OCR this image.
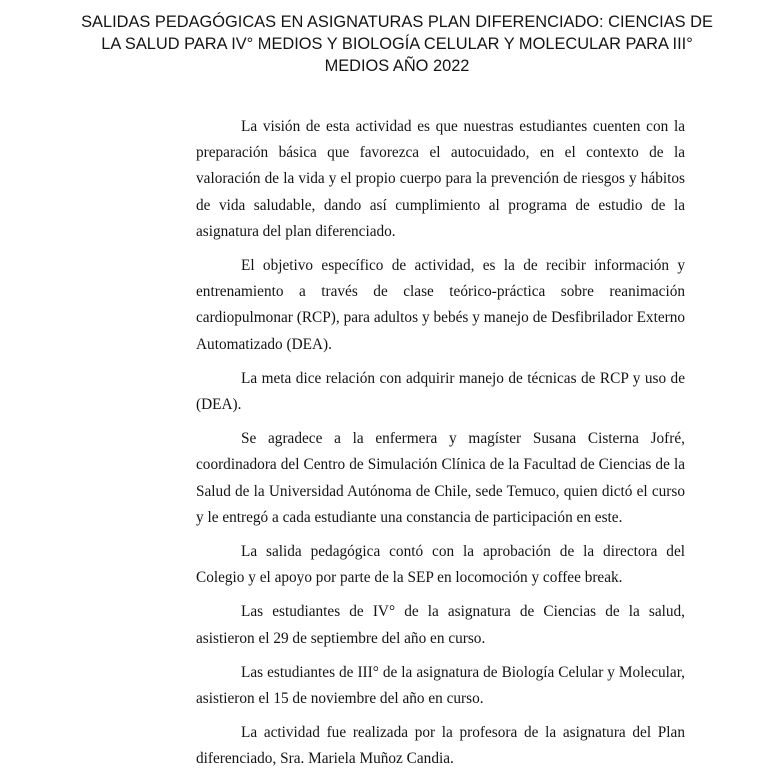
SALIDAS PEDAGÓGICAS EN ASIGNATURAS PLAN DIFERENCIADO: CIENCIAS DE LA SALUD PARA IV° MEDIOS Y BIOLOGÍA CELULAR Y MOLECULAR PARA III° MEDIOS AÑO 2022

La visión de esta actividad es que nuestras estudiantes cuenten con la preparación básica que favorezca el autocuidado, en el contexto de la valoración de la vida y el propio cuerpo para la prevención de riesgos y hábitos de vida saludable, dando así cumplimiento al programa de estudio de la asignatura del plan diferenciado.

El objetivo específico de actividad, es la de recibir información y entrenamiento a través de clase teórico-práctica sobre reanimación cardiopulmonar (RCP), para adultos y bebés y manejo de Desfibrilador Externo Automatizado (DEA).

La meta dice relación con adquirir manejo de técnicas de RCP y uso de (DEA).

Se agradece a la enfermera y magíster Susana Cisterna Jofré, coordinadora del Centro de Simulación Clínica de la Facultad de Ciencias de la Salud de la Universidad Autónoma de Chile, sede Temuco, quien dictó el curso y le entregó a cada estudiante una constancia de participación en este.

La salida pedagógica contó con la aprobación de la directora del Colegio y el apoyo por parte de la SEP en locomoción y coffee break.

Las estudiantes de IV° de la asignatura de Ciencias de la salud, asistieron el 29 de septiembre del año en curso.

Las estudiantes de III° de la asignatura de Biología Celular y Molecular, asistieron el 15 de noviembre del año en curso.

La actividad fue realizada por la profesora de la asignatura del Plan diferenciado, Sra. Mariela Muñoz Candia.
